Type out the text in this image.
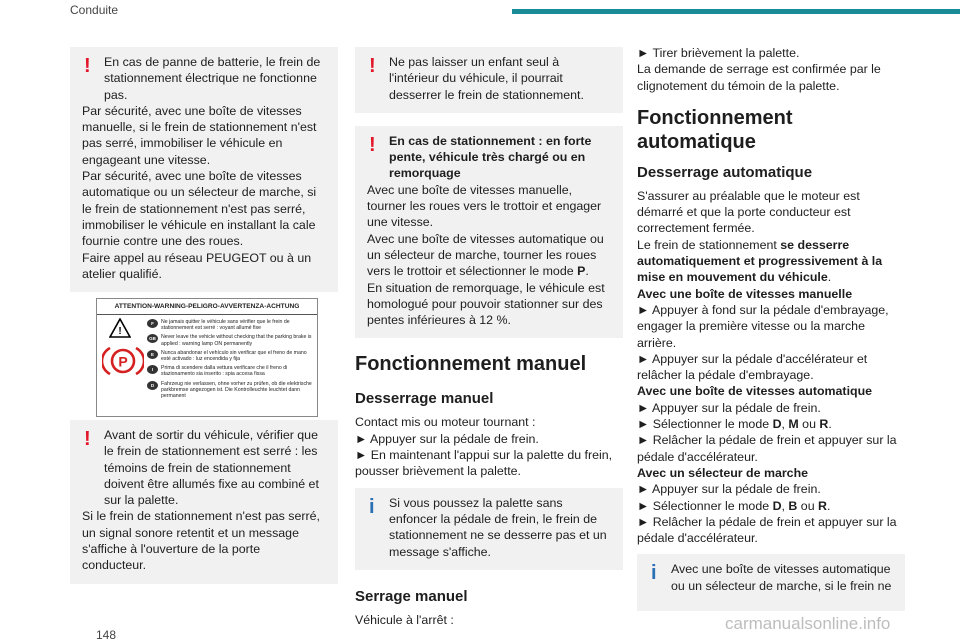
Conduite
!	En cas de panne de batterie, le frein de stationnement électrique ne fonctionne pas.

Par sécurité, avec une boîte de vitesses manuelle, si le frein de stationnement n'est pas serré, immobiliser le véhicule en engageant une vitesse.

Par sécurité, avec une boîte de vitesses automatique ou un sélecteur de marche, si le frein de stationnement n'est pas serré, immobiliser le véhicule en installant la cale fournie contre une des roues.

Faire appel au réseau PEUGEOT ou à un atelier qualifié.

ATTENTION-WARNING-PELIGRO-AVVERTENZA-ACHTUNG
!
P
F	Ne jamais quitter le véhicule sans vérifier que le frein de stationnement est serré : voyant allumé fixe
GB Never leave the vehicle without checking that the parking brake is applied : warning lamp ON permanently
E	Nunca abandonar el vehículo sin verificar que el freno de mano esté activado : luz encendida y fija
I	Prima di scendere dalla vettura verificare che il freno di stazionamento sia inserito : spia accesa fissa
D	Fahrzeug nie verlassen, ohne vorher zu prüfen, ob die elektrische parkbremse angezogen ist. Die Kontrolleuchte leuchtet dann permanent
!	Avant de sortir du véhicule, vérifier que le frein de stationnement est serré : les témoins de frein de stationnement doivent être allumés fixe au combiné et sur la palette.

Si le frein de stationnement n'est pas serré, un signal sonore retentit et un message s'affiche à l'ouverture de la porte conducteur.

!	Ne pas laisser un enfant seul à l'intérieur du véhicule, il pourrait desserrer le frein de stationnement.

!	En cas de stationnement : en forte pente, véhicule très chargé ou en remorquage

Avec une boîte de vitesses manuelle, tourner les roues vers le trottoir et engager une vitesse.

Avec une boîte de vitesses automatique ou un sélecteur de marche, tourner les roues vers le trottoir et sélectionner le mode P.

En situation de remorquage, le véhicule est homologué pour pouvoir stationner sur des pentes inférieures à 12 %.

Fonctionnement manuel
Desserrage manuel

Contact mis ou moteur tournant :

► Appuyer sur la pédale de frein.

► En maintenant l'appui sur la palette du frein, pousser brièvement la palette.

i	Si vous poussez la palette sans enfoncer la pédale de frein, le frein de stationnement ne se desserre pas et un message s'affiche.

Serrage manuel

Véhicule à l'arrêt :

► Tirer brièvement la palette.

La demande de serrage est confirmée par le clignotement du témoin de la palette.

Fonctionnement automatique
Desserrage automatique

S'assurer au préalable que le moteur est démarré et que la porte conducteur est correctement fermée.

Le frein de stationnement se desserre automatiquement et progressivement à la mise en mouvement du véhicule.

Avec une boîte de vitesses manuelle

► Appuyer à fond sur la pédale d'embrayage, engager la première vitesse ou la marche arrière.

► Appuyer sur la pédale d'accélérateur et relâcher la pédale d'embrayage.

Avec une boîte de vitesses automatique

► Appuyer sur la pédale de frein.

► Sélectionner le mode D, M ou R.

► Relâcher la pédale de frein et appuyer sur la pédale d'accélérateur.

Avec un sélecteur de marche

► Appuyer sur la pédale de frein.

► Sélectionner le mode D, B ou R.

► Relâcher la pédale de frein et appuyer sur la pédale d'accélérateur.

i	Avec une boîte de vitesses automatique ou un sélecteur de marche, si le frein ne

148
carmanualsonline.info
